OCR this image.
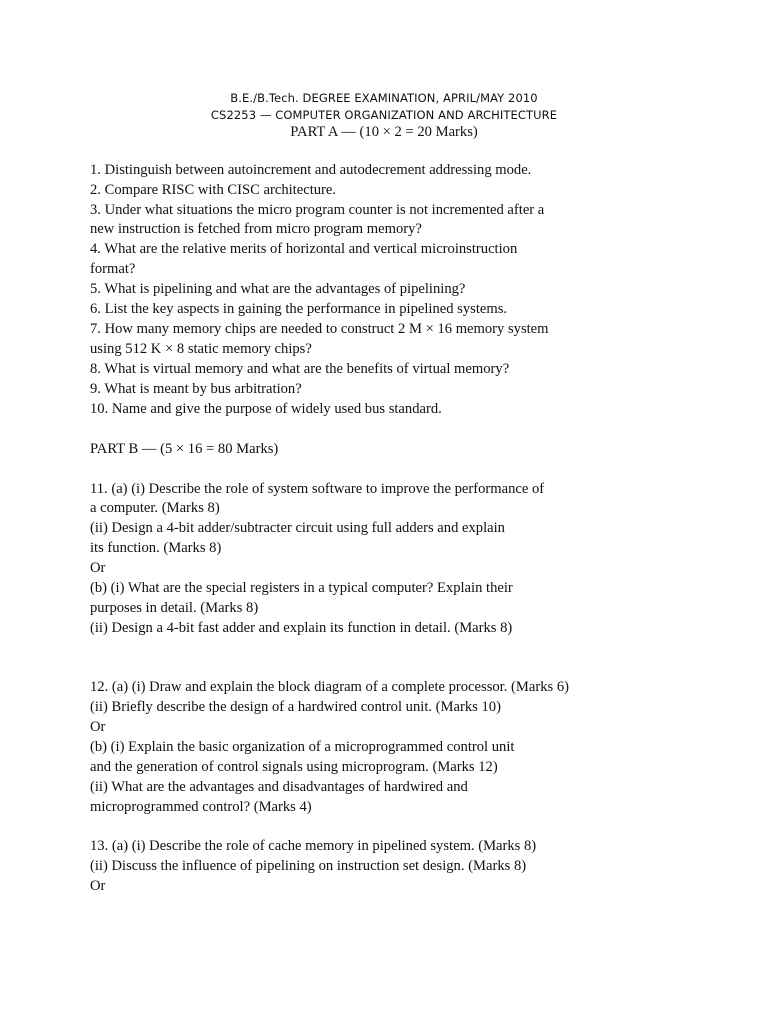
B.E./B.Tech. DEGREE EXAMINATION, APRIL/MAY 2010
CS2253 — COMPUTER ORGANIZATION AND ARCHITECTURE
PART A — (10 × 2 = 20 Marks)
1. Distinguish between autoincrement and autodecrement addressing mode.
2. Compare RISC with CISC architecture.
3. Under what situations the micro program counter is not incremented after a
new instruction is fetched from micro program memory?
4. What are the relative merits of horizontal and vertical microinstruction
format?
5. What is pipelining and what are the advantages of pipelining?
6. List the key aspects in gaining the performance in pipelined systems.
7. How many memory chips are needed to construct 2 M × 16 memory system
using 512 K × 8 static memory chips?
8. What is virtual memory and what are the benefits of virtual memory?
9. What is meant by bus arbitration?
10. Name and give the purpose of widely used bus standard.
PART B — (5 × 16 = 80 Marks)
11. (a) (i) Describe the role of system software to improve the performance of
a computer. (Marks 8)
(ii) Design a 4-bit adder/subtracter circuit using full adders and explain
its function. (Marks 8)
Or
(b) (i) What are the special registers in a typical computer? Explain their
purposes in detail. (Marks 8)
(ii) Design a 4-bit fast adder and explain its function in detail. (Marks 8)
12. (a) (i) Draw and explain the block diagram of a complete processor. (Marks 6)
(ii) Briefly describe the design of a hardwired control unit. (Marks 10)
Or
(b) (i) Explain the basic organization of a microprogrammed control unit
and the generation of control signals using microprogram. (Marks 12)
(ii) What are the advantages and disadvantages of hardwired and
microprogrammed control? (Marks 4)
13. (a) (i) Describe the role of cache memory in pipelined system. (Marks 8)
(ii) Discuss the influence of pipelining on instruction set design. (Marks 8)
Or
